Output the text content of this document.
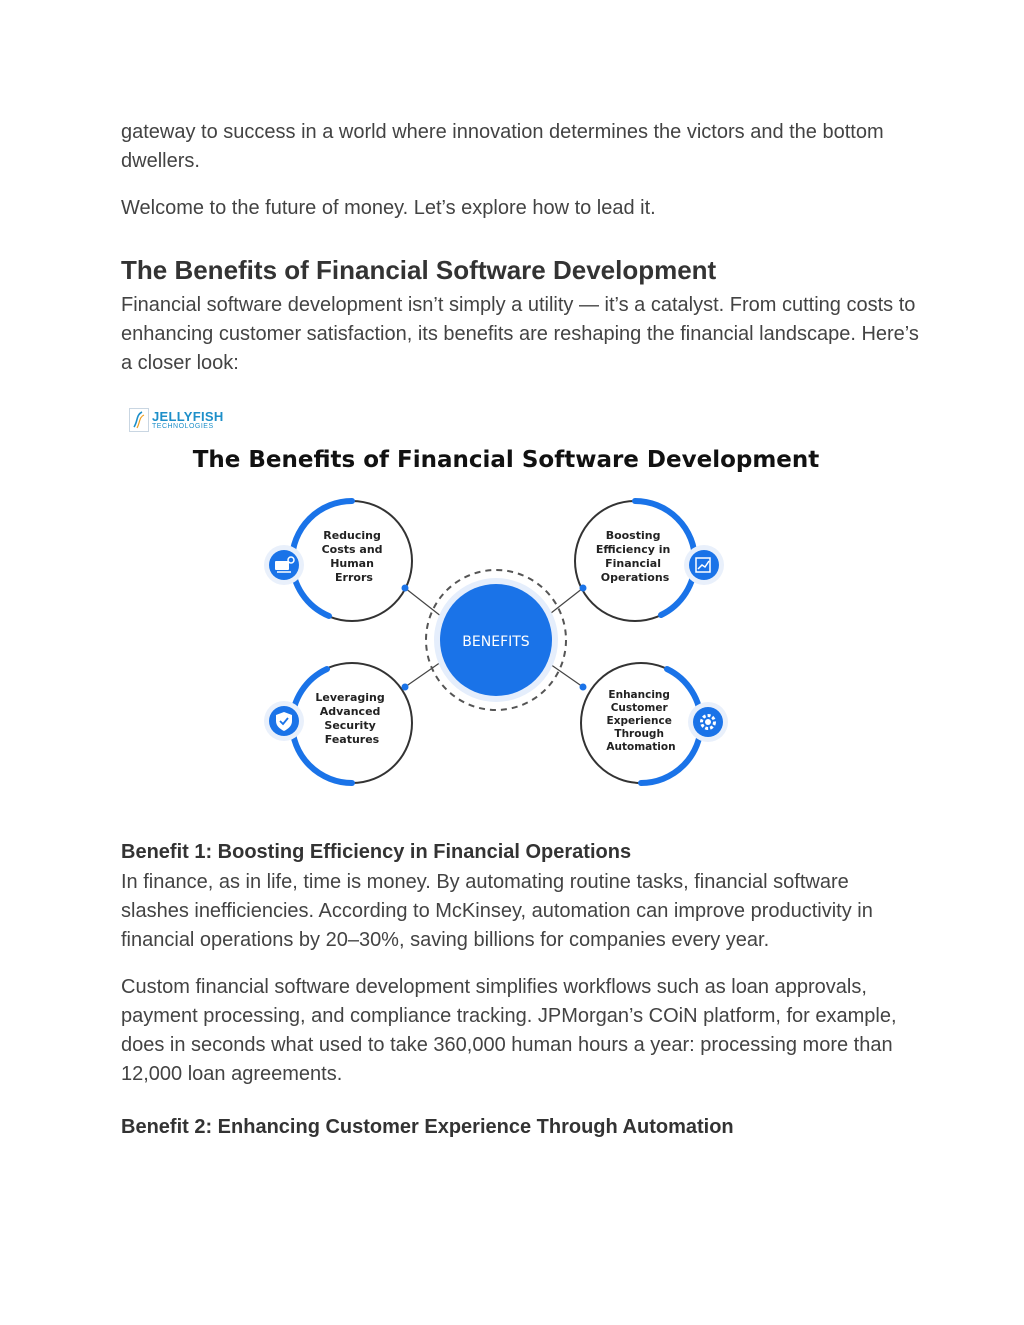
gateway to success in a world where innovation determines the victors and the bottom dwellers.

Welcome to the future of money. Let’s explore how to lead it.

The Benefits of Financial Software Development

Financial software development isn’t simply a utility — it’s a catalyst. From cutting costs to enhancing customer satisfaction, its benefits are reshaping the financial landscape. Here’s a closer look:

JELLYFISH
TECHNOLOGIES
The Benefits of Financial Software Development
BENEFITS
Reducing Costs and Human Errors
Boosting Efficiency in Financial Operations
Leveraging Advanced Security Features
Enhancing Customer Experience Through Automation
Benefit 1: Boosting Efficiency in Financial Operations

In finance, as in life, time is money. By automating routine tasks, financial software slashes inefficiencies. According to McKinsey, automation can improve productivity in financial operations by 20–30%, saving billions for companies every year.

Custom financial software development simplifies workflows such as loan approvals, payment processing, and compliance tracking. JPMorgan’s COiN platform, for example, does in seconds what used to take 360,000 human hours a year: processing more than 12,000 loan agreements.

Benefit 2: Enhancing Customer Experience Through Automation
